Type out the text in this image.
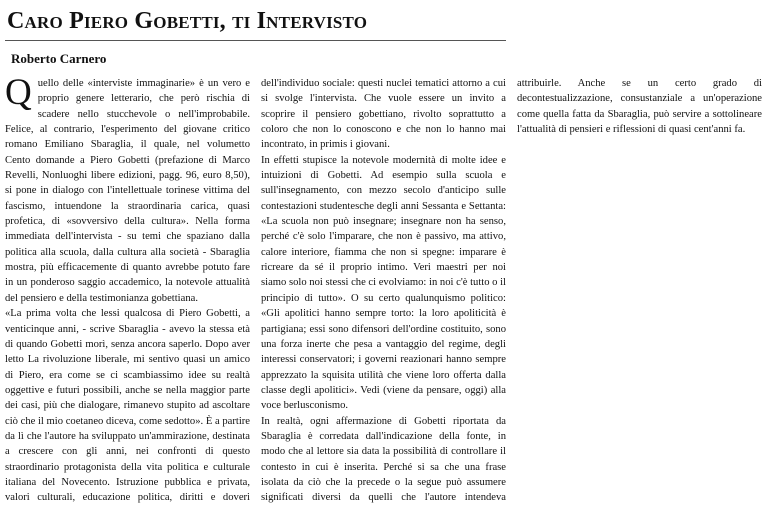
Caro Piero Gobetti, ti Intervisto
Roberto Carnero

Quello delle «interviste immaginarie» è un vero e proprio genere letterario, che però rischia di scadere nello stucchevole o nell'improbabile. Felice, al contrario, l'esperimento del giovane critico romano Emiliano Sbaraglia, il quale, nel volumetto Cento domande a Piero Gobetti (prefazione di Marco Revelli, Nonluoghi libere edizioni, pagg. 96, euro 8,50), si pone in dialogo con l'intellettuale torinese vittima del fascismo, intuendone la straordinaria carica, quasi profetica, di «sovversivo della cultura». Nella forma immediata dell'intervista - su temi che spaziano dalla politica alla scuola, dalla cultura alla società - Sbaraglia mostra, più efficacemente di quanto avrebbe potuto fare in un ponderoso saggio accademico, la notevole attualità del pensiero e della testimonianza gobettiana.

«La prima volta che lessi qualcosa di Piero Gobetti, a venticinque anni, - scrive Sbaraglia - avevo la stessa età di quando Gobetti morì, senza ancora saperlo. Dopo aver letto La rivoluzione liberale, mi sentivo quasi un amico di Piero, era come se ci scambiassimo idee su realtà oggettive e futuri possibili, anche se nella maggior parte dei casi, più che dialogare, rimanevo stupito ad ascoltare ciò che il mio coetaneo diceva, come sedotto». È a partire da lì che l'autore ha sviluppato un'ammirazione, destinata a crescere con gli anni, nei confronti di questo straordinario protagonista della vita politica e culturale italiana del Novecento. Istruzione pubblica e privata, valori culturali, educazione politica, diritti e doveri dell'individuo sociale: questi nuclei tematici attorno a cui si svolge l'intervista. Che vuole essere un invito a scoprire il pensiero gobettiano, rivolto soprattutto a coloro che non lo conoscono e che non lo hanno mai incontrato, in primis i giovani.

In effetti stupisce la notevole modernità di molte idee e intuizioni di Gobetti. Ad esempio sulla scuola e sull'insegnamento, con mezzo secolo d'anticipo sulle contestazioni studentesche degli anni Sessanta e Settanta: «La scuola non può insegnare; insegnare non ha senso, perché c'è solo l'imparare, che non è passivo, ma attivo, calore interiore, fiamma che non si spegne: imparare è ricreare da sé il proprio intimo. Veri maestri per noi siamo solo noi stessi che ci evolviamo: in noi c'è tutto o il principio di tutto». O su certo qualunquismo politico: «Gli apolitici hanno sempre torto: la loro apoliticità è partigiana; essi sono difensori dell'ordine costituito, sono una forza inerte che pesa a vantaggio del regime, degli interessi conservatori; i governi reazionari hanno sempre apprezzato la squisita utilità che viene loro offerta dalla classe degli apolitici». Vedi (viene da pensare, oggi) alla voce berlusconismo.

In realtà, ogni affermazione di Gobetti riportata da Sbaraglia è corredata dall'indicazione della fonte, in modo che al lettore sia data la possibilità di controllare il contesto in cui è inserita. Perché si sa che una frase isolata da ciò che la precede o la segue può assumere significati diversi da quelli che l'autore intendeva attribuirle. Anche se un certo grado di decontestualizzazione, consustanziale a un'operazione come quella fatta da Sbaraglia, può servire a sottolineare l'attualità di pensieri e riflessioni di quasi cent'anni fa.
